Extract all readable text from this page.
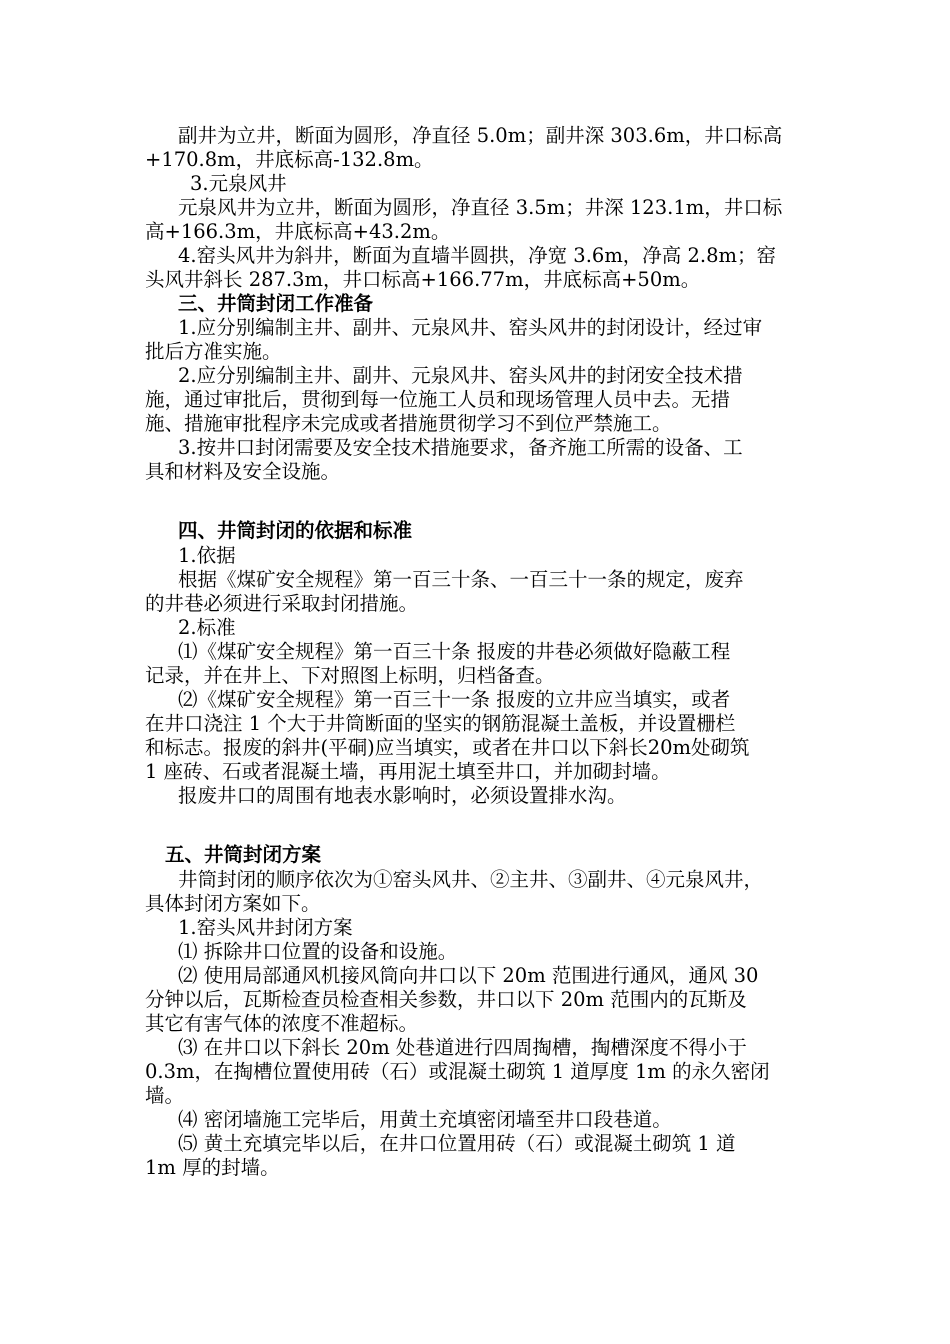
副井为立井，断面为圆形，净直径 5.0m；副井深 303.6m，井口标高
+170.8m，井底标高-132.8m。
3.元泉风井
元泉风井为立井，断面为圆形，净直径 3.5m；井深 123.1m，井口标
高+166.3m，井底标高+43.2m。
4.窑头风井为斜井，断面为直墙半圆拱，净宽 3.6m，净高 2.8m；窑
头风井斜长 287.3m，井口标高+166.77m，井底标高+50m。
三、井筒封闭工作准备
1.应分别编制主井、副井、元泉风井、窑头风井的封闭设计，经过审
批后方准实施。
2.应分别编制主井、副井、元泉风井、窑头风井的封闭安全技术措
施，通过审批后，贯彻到每一位施工人员和现场管理人员中去。无措
施、措施审批程序未完成或者措施贯彻学习不到位严禁施工。
3.按井口封闭需要及安全技术措施要求，备齐施工所需的设备、工
具和材料及安全设施。
四、井筒封闭的依据和标准
1.依据
根据《煤矿安全规程》第一百三十条、一百三十一条的规定，废弃
的井巷必须进行采取封闭措施。
2.标准
⑴《煤矿安全规程》第一百三十条 报废的井巷必须做好隐蔽工程
记录，并在井上、下对照图上标明，归档备查。
⑵《煤矿安全规程》第一百三十一条 报废的立井应当填实，或者
在井口浇注 1 个大于井筒断面的坚实的钢筋混凝土盖板，并设置栅栏
和标志。报废的斜井(平硐)应当填实，或者在井口以下斜长20m处砌筑
1 座砖、石或者混凝土墙，再用泥土填至井口，并加砌封墙。
报废井口的周围有地表水影响时，必须设置排水沟。
五、井筒封闭方案
井筒封闭的顺序依次为①窑头风井、②主井、③副井、④元泉风井，
具体封闭方案如下。
1.窑头风井封闭方案
⑴ 拆除井口位置的设备和设施。
⑵ 使用局部通风机接风筒向井口以下 20m 范围进行通风，通风 30
分钟以后，瓦斯检查员检查相关参数，井口以下 20m 范围内的瓦斯及
其它有害气体的浓度不准超标。
⑶ 在井口以下斜长 20m 处巷道进行四周掏槽，掏槽深度不得小于
0.3m，在掏槽位置使用砖（石）或混凝土砌筑 1 道厚度 1m 的永久密闭
墙。
⑷ 密闭墙施工完毕后，用黄土充填密闭墙至井口段巷道。
⑸ 黄土充填完毕以后，在井口位置用砖（石）或混凝土砌筑 1 道
1m 厚的封墙。
